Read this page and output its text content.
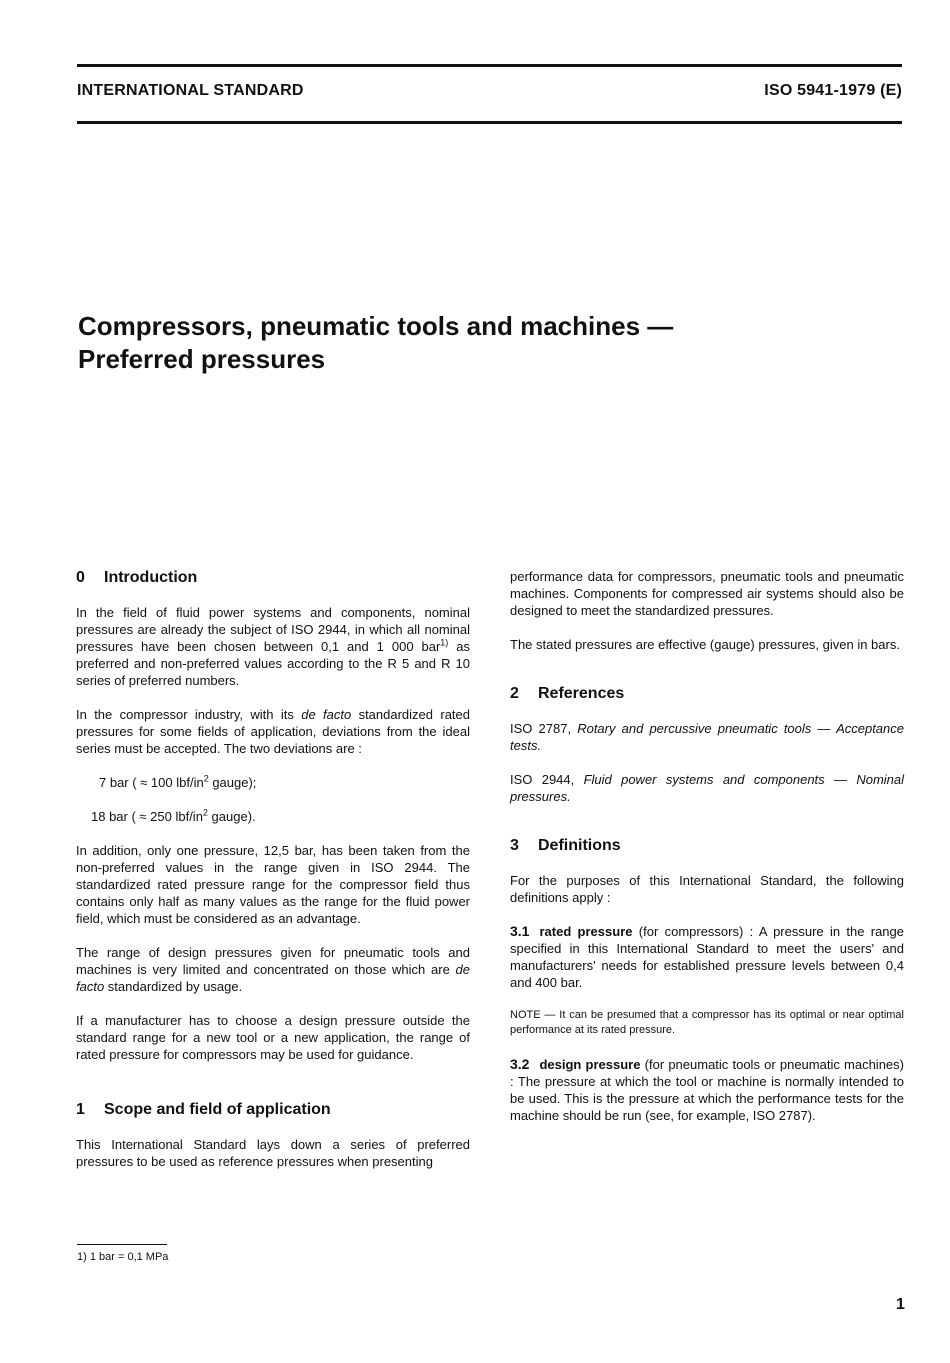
INTERNATIONAL STANDARD	ISO 5941-1979 (E)
Compressors, pneumatic tools and machines —
Preferred pressures
0 Introduction

In the field of fluid power systems and components, nominal pressures are already the subject of ISO 2944, in which all nominal pressures have been chosen between 0,1 and 1 000 bar$^{1)}$ as preferred and non-preferred values according to the R 5 and R 10 series of preferred numbers.

In the compressor industry, with its de facto standardized rated pressures for some fields of application, deviations from the ideal series must be accepted. The two deviations are :

7 bar ( ≈ 100 lbf/$in^2$ gauge);

18 bar ( ≈ 250 lbf/$in^2$ gauge).

In addition, only one pressure, 12,5 bar, has been taken from the non-preferred values in the range given in ISO 2944. The standardized rated pressure range for the compressor field thus contains only half as many values as the range for the fluid power field, which must be considered as an advantage.

The range of design pressures given for pneumatic tools and machines is very limited and concentrated on those which are de facto standardized by usage.

If a manufacturer has to choose a design pressure outside the standard range for a new tool or a new application, the range of rated pressure for compressors may be used for guidance.

1 Scope and field of application

This International Standard lays down a series of preferred pressures to be used as reference pressures when presenting

performance data for compressors, pneumatic tools and pneumatic machines. Components for compressed air systems should also be designed to meet the standardized pressures.

The stated pressures are effective (gauge) pressures, given in bars.

2 References

ISO 2787, Rotary and percussive pneumatic tools — Acceptance tests.

ISO 2944, Fluid power systems and components — Nominal pressures.

3 Definitions

For the purposes of this International Standard, the following definitions apply :

3.1 rated pressure (for compressors) : A pressure in the range specified in this International Standard to meet the users' and manufacturers' needs for established pressure levels between 0,4 and 400 bar.

NOTE — It can be presumed that a compressor has its optimal or near optimal performance at its rated pressure.

3.2 design pressure (for pneumatic tools or pneumatic machines) : The pressure at which the tool or machine is normally intended to be used. This is the pressure at which the performance tests for the machine should be run (see, for example, ISO 2787).

1) 1 bar = 0,1 MPa
1
